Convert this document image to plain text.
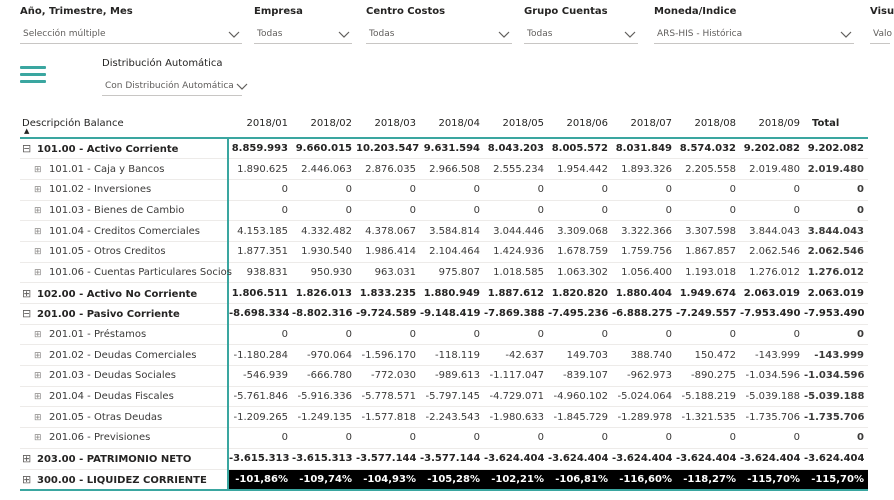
Año, Trimestre, Mes
Selección múltiple
Empresa
Todas
Centro Costos
Todas
Grupo Cuentas
Todas
Moneda/Indice
ARS-HIS - Histórica
Visu
Valo
Distribución Automática
Con Distribución Automática
Descripción Balance
▲	2018/01	2018/02	2018/03	2018/04	2018/05	2018/06	2018/07	2018/08	2018/09	Total
⊟ 101.00 - Activo Corriente	8.859.993	9.660.015	10.203.547	9.631.594	8.043.203	8.005.572	8.031.849	8.574.032	9.202.082	9.202.082
⊞ 101.01 - Caja y Bancos	1.890.625	2.446.063	2.876.035	2.966.508	2.555.234	1.954.442	1.893.326	2.205.558	2.019.480	2.019.480
⊞ 101.02 - Inversiones	0	0	0	0	0	0	0	0	0	0
⊞ 101.03 - Bienes de Cambio	0	0	0	0	0	0	0	0	0	0
⊞ 101.04 - Creditos Comerciales	4.153.185	4.332.482	4.378.067	3.584.814	3.044.446	3.309.068	3.322.366	3.307.598	3.844.043	3.844.043
⊞ 101.05 - Otros Creditos	1.877.351	1.930.540	1.986.414	2.104.464	1.424.936	1.678.759	1.759.756	1.867.857	2.062.546	2.062.546
⊞ 101.06 - Cuentas Particulares Socios	938.831	950.930	963.031	975.807	1.018.585	1.063.302	1.056.400	1.193.018	1.276.012	1.276.012
⊞ 102.00 - Activo No Corriente	1.806.511	1.826.013	1.833.235	1.880.949	1.887.612	1.820.820	1.880.404	1.949.674	2.063.019	2.063.019
⊟ 201.00 - Pasivo Corriente	-8.698.334	-8.802.316	-9.724.589	-9.148.419	-7.869.388	-7.495.236	-6.888.275	-7.249.557	-7.953.490	-7.953.490
⊞ 201.01 - Préstamos	0	0	0	0	0	0	0	0	0	0
⊞ 201.02 - Deudas Comerciales	-1.180.284	-970.064	-1.596.170	-118.119	-42.637	149.703	388.740	150.472	-143.999	-143.999
⊞ 201.03 - Deudas Sociales	-546.939	-666.780	-772.030	-989.613	-1.117.047	-839.107	-962.973	-890.275	-1.034.596	-1.034.596
⊞ 201.04 - Deudas Fiscales	-5.761.846	-5.916.336	-5.778.571	-5.797.145	-4.729.071	-4.960.102	-5.024.064	-5.188.219	-5.039.188	-5.039.188
⊞ 201.05 - Otras Deudas	-1.209.265	-1.249.135	-1.577.818	-2.243.543	-1.980.633	-1.845.729	-1.289.978	-1.321.535	-1.735.706	-1.735.706
⊞ 201.06 - Previsiones	0	0	0	0	0	0	0	0	0	0
⊞ 203.00 - PATRIMONIO NETO	-3.615.313	-3.615.313	-3.577.144	-3.577.144	-3.624.404	-3.624.404	-3.624.404	-3.624.404	-3.624.404	-3.624.404
⊞ 300.00 - LIQUIDEZ CORRIENTE	-101,86%	-109,74%	-104,93%	-105,28%	-102,21%	-106,81%	-116,60%	-118,27%	-115,70%	-115,70%
